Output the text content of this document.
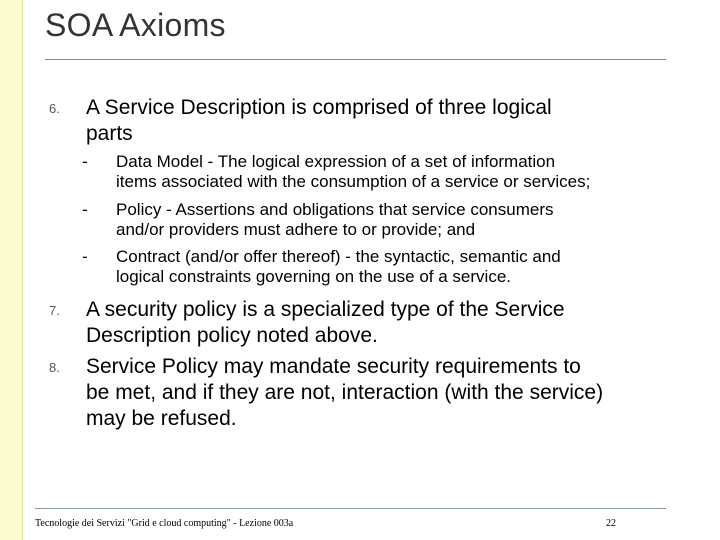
SOA Axioms
6.	A Service Description is comprised of three logical
parts
- Data Model - The logical expression of a set of information
items associated with the consumption of a service or services;
- Policy - Assertions and obligations that service consumers
and/or providers must adhere to or provide; and
- Contract (and/or offer thereof) - the syntactic, semantic and
logical constraints governing on the use of a service.
7.	A security policy is a specialized type of the Service
Description policy noted above.
8.	Service Policy may mandate security requirements to
be met, and if they are not, interaction (with the service)
may be refused.
Tecnologie dei Servizi "Grid e cloud computing" - Lezione 003a	22
